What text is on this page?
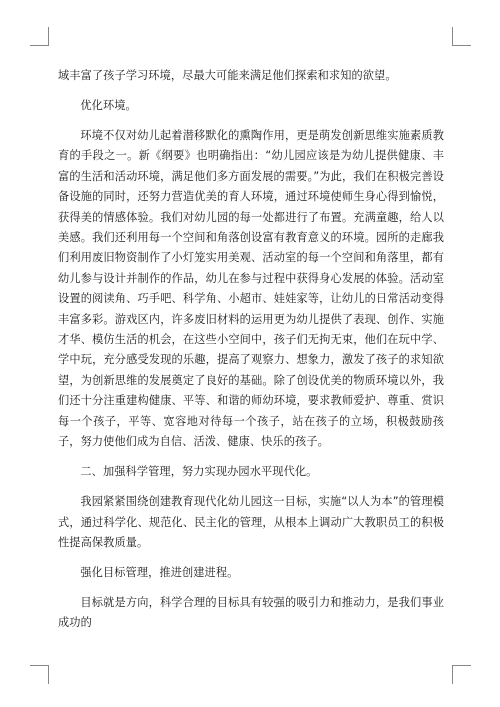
域丰富了孩子学习环境，尽最大可能来满足他们探索和求知的欲望。

优化环境。

环境不仅对幼儿起着潜移默化的熏陶作用，更是萌发创新思维实施素质教育的手段之一。新《纲要》也明确指出：“幼儿园应该是为幼儿提供健康、丰富的生活和活动环境，满足他们多方面发展的需要。”为此，我们在积极完善设备设施的同时，还努力营造优美的育人环境，通过环境使师生身心得到愉悦，获得美的情感体验。我们对幼儿园的每一处都进行了布置。充满童趣，给人以美感。我们还利用每一个空间和角落创设富有教育意义的环境。园所的走廊我们利用废旧物资制作了小灯笼实用美观、活动室的每一个空间和角落里，都有幼儿参与设计并制作的作品，幼儿在参与过程中获得身心发展的体验。活动室设置的阅读角、巧手吧、科学角、小超市、娃娃家等，让幼儿的日常活动变得丰富多彩。游戏区内，许多废旧材料的运用更为幼儿提供了表现、创作、实施才华、模仿生活的机会，在这些小空间中，孩子们无拘无束，他们在玩中学、学中玩，充分感受发现的乐趣，提高了观察力、想象力，激发了孩子的求知欲望，为创新思维的发展奠定了良好的基础。除了创设优美的物质环境以外，我们还十分注重建构健康、平等、和谐的师幼环境，要求教师爱护、尊重、赏识每一个孩子，平等、宽容地对待每一个孩子，站在孩子的立场，积极鼓励孩子，努力使他们成为自信、活泼、健康、快乐的孩子。

二、加强科学管理，努力实现办园水平现代化。

我园紧紧围绕创建教育现代化幼儿园这一目标，实施“以人为本”的管理模式，通过科学化、规范化、民主化的管理，从根本上调动广大教职员工的积极性提高保教质量。

强化目标管理，推进创建进程。

目标就是方向，科学合理的目标具有较强的吸引力和推动力，是我们事业成功的
